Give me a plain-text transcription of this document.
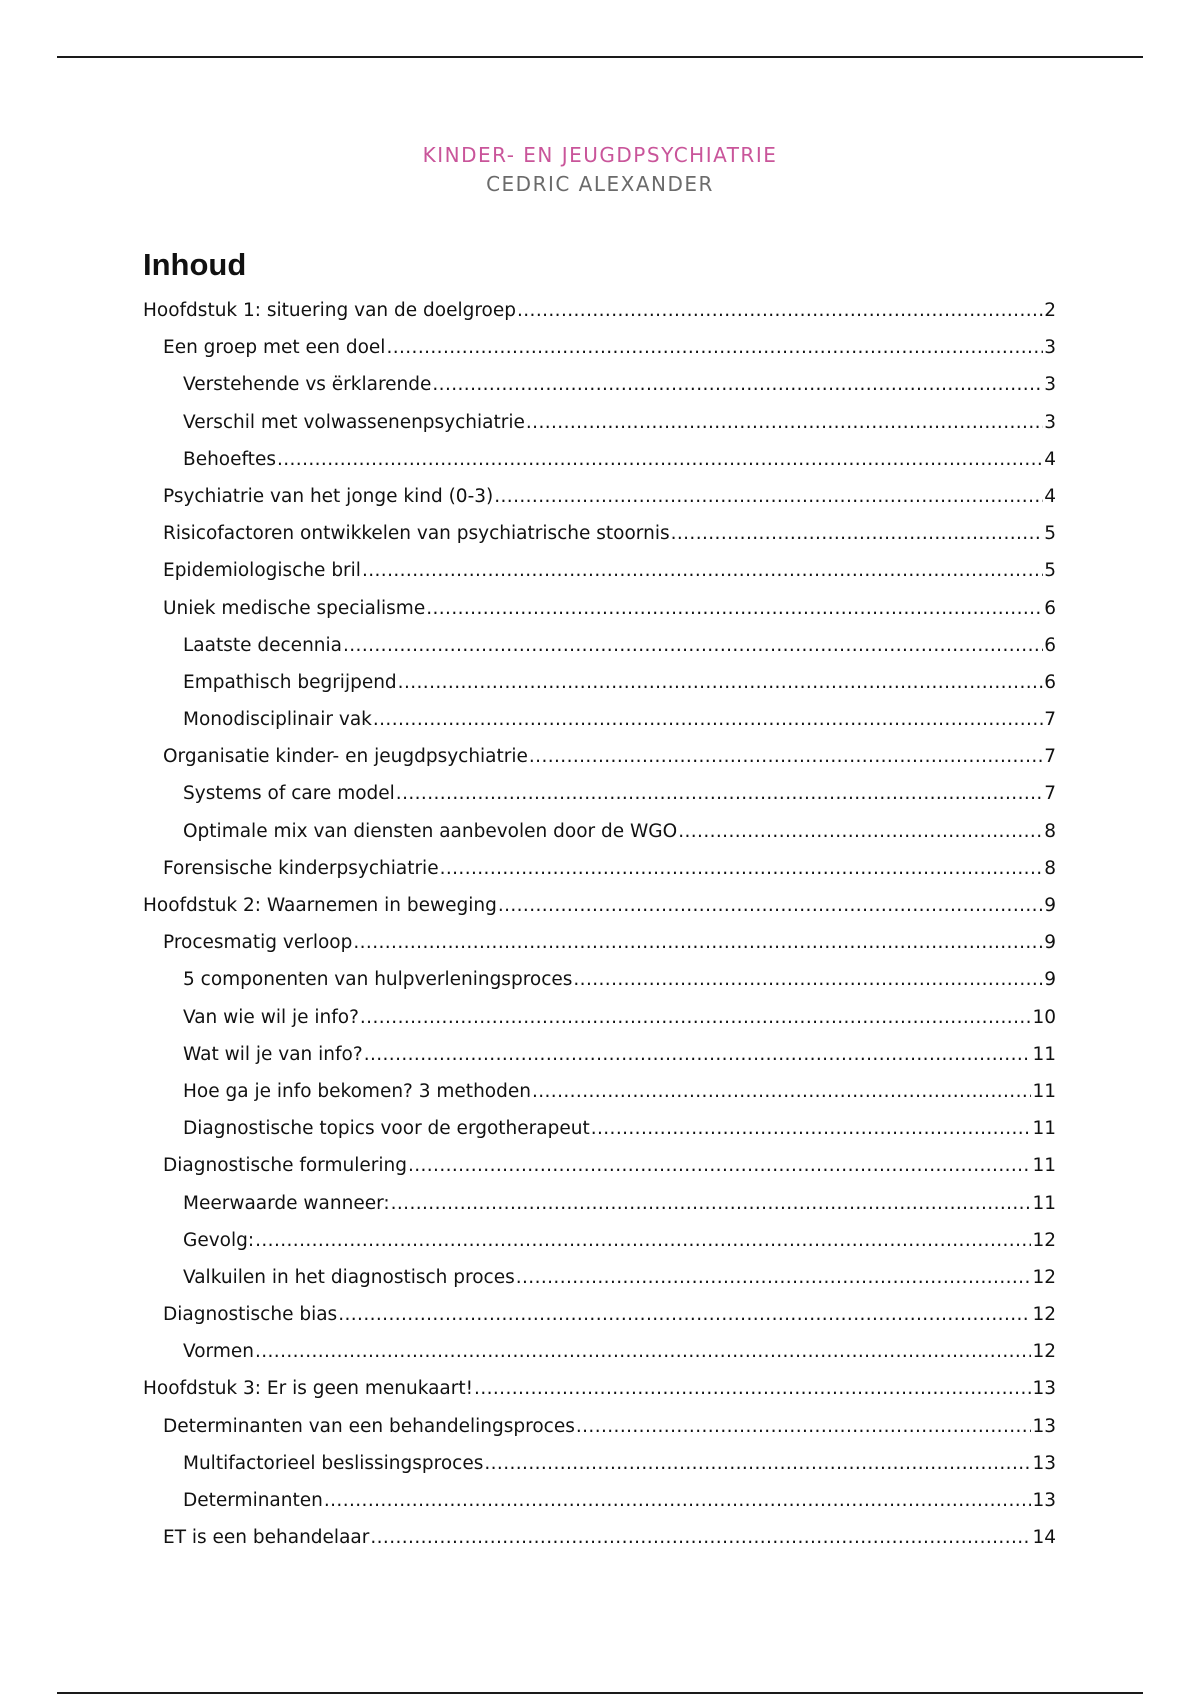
KINDER- EN JEUGDPSYCHIATRIE
CEDRIC ALEXANDER
Inhoud
Hoofdstuk 1: situering van de doelgroep .....	2
Een groep met een doel .....	3
Verstehende vs ërklarende .....	3
Verschil met volwassenenpsychiatrie .....	3
Behoeftes .....	4
Psychiatrie van het jonge kind (0-3) .....	4
Risicofactoren ontwikkelen van psychiatrische stoornis .....	5
Epidemiologische bril .....	5
Uniek medische specialisme .....	6
Laatste decennia .....	6
Empathisch begrijpend .....	6
Monodisciplinair vak .....	7
Organisatie kinder- en jeugdpsychiatrie .....	7
Systems of care model .....	7
Optimale mix van diensten aanbevolen door de WGO .....	8
Forensische kinderpsychiatrie .....	8
Hoofdstuk 2: Waarnemen in beweging .....	9
Procesmatig verloop .....	9
5 componenten van hulpverleningsproces .....	9
Van wie wil je info? .....	10
Wat wil je van info? .....	11
Hoe ga je info bekomen? 3 methoden .....	11
Diagnostische topics voor de ergotherapeut .....	11
Diagnostische formulering .....	11
Meerwaarde wanneer: .....	11
Gevolg: .....	12
Valkuilen in het diagnostisch proces .....	12
Diagnostische bias .....	12
Vormen .....	12
Hoofdstuk 3: Er is geen menukaart! .....	13
Determinanten van een behandelingsproces .....	13
Multifactorieel beslissingsproces .....	13
Determinanten .....	13
ET is een behandelaar .....	14
